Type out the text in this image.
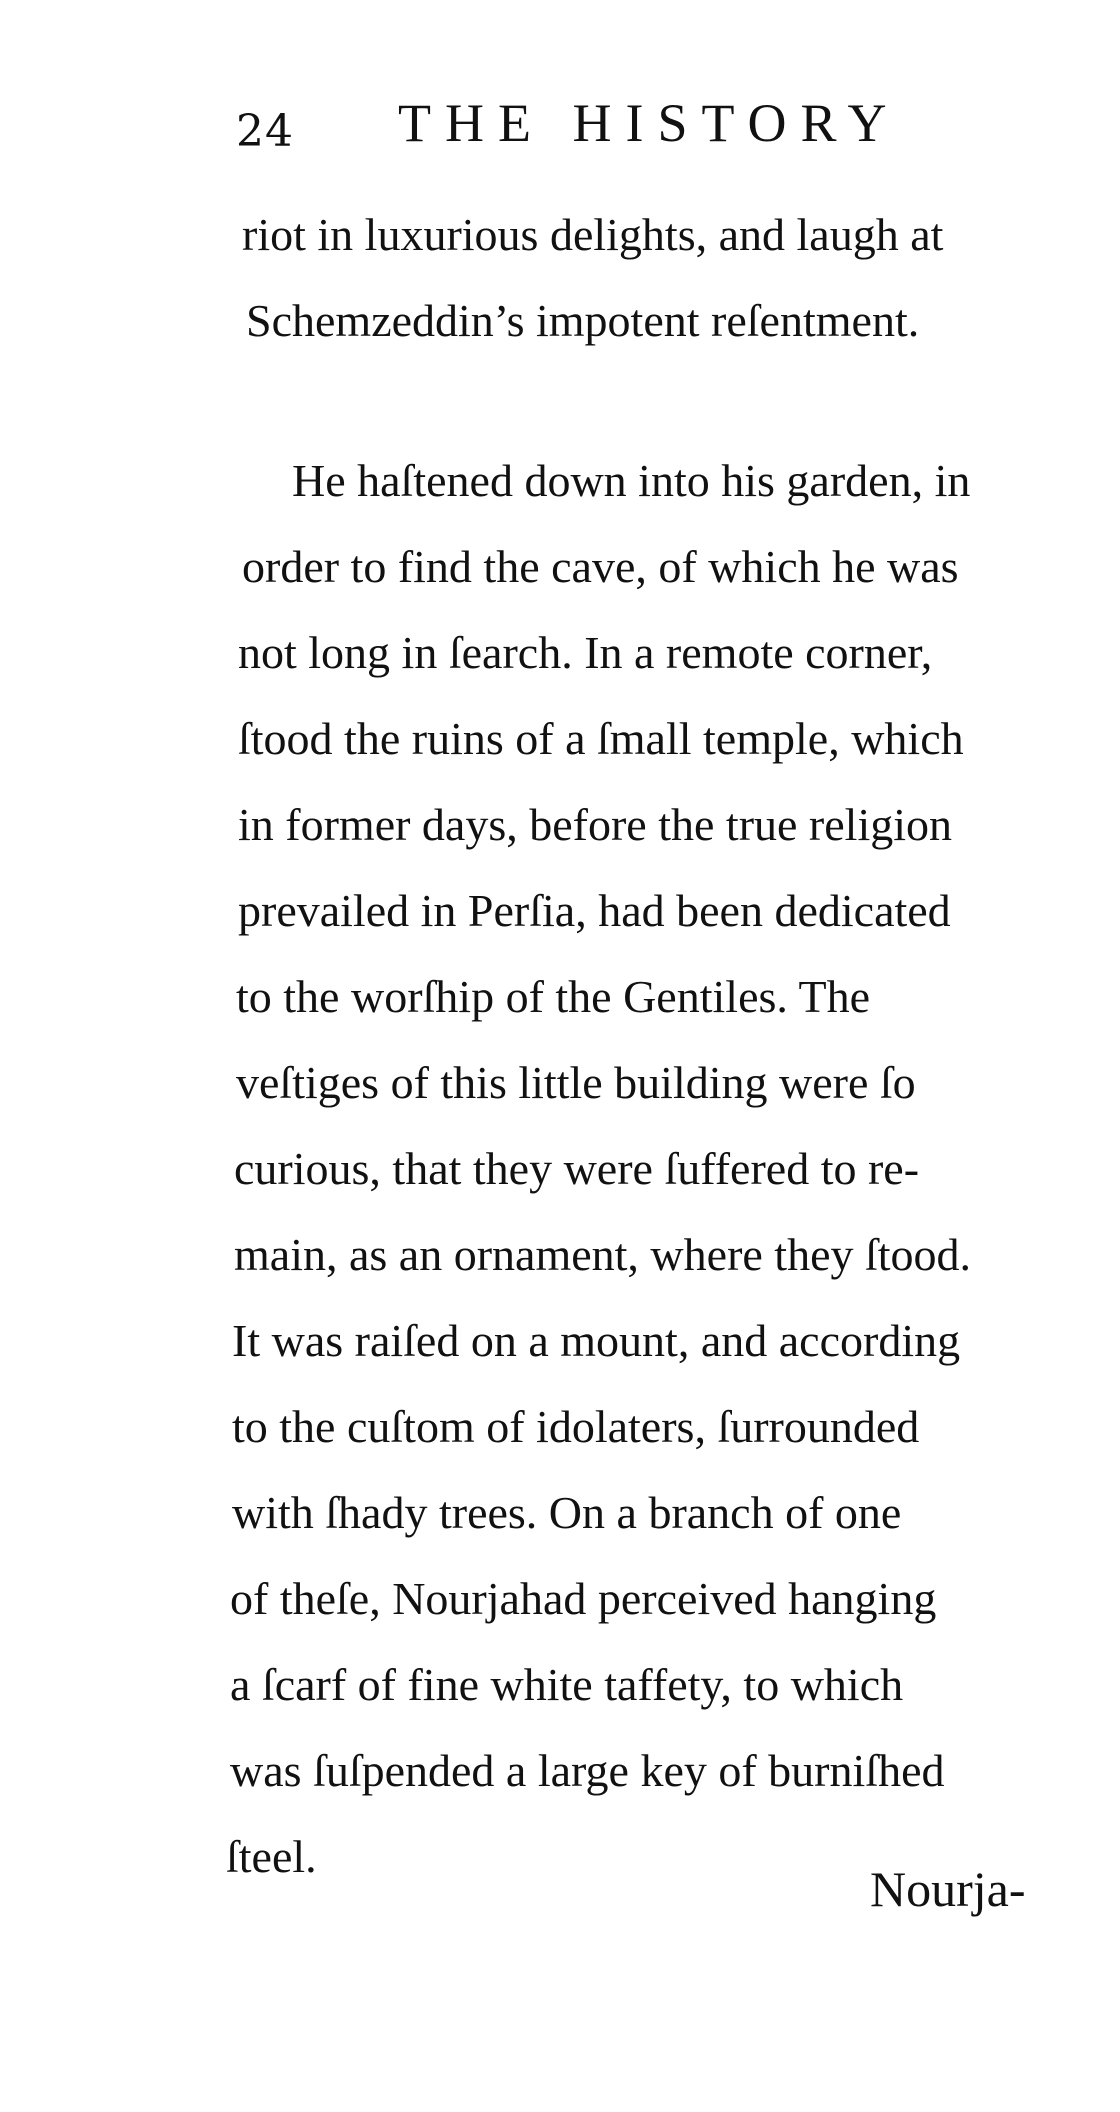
24 THE HISTORY
riot in luxurious delights, and laugh at
Schemzeddin’s impotent reſentment.
He haſtened down into his garden, in
order to find the cave, of which he was
not long in ſearch. In a remote corner,
ſtood the ruins of a ſmall temple, which
in former days, before the true religion
prevailed in Perſia, had been dedicated
to the worſhip of the Gentiles. The
veſtiges of this little building were ſo
curious, that they were ſuffered to re-
main, as an ornament, where they ſtood.
It was raiſed on a mount, and according
to the cuſtom of idolaters, ſurrounded
with ſhady trees. On a branch of one
of theſe, Nourjahad perceived hanging
a ſcarf of fine white taffety, to which
was ſuſpended a large key of burniſhed
ſteel.
Nourja-
